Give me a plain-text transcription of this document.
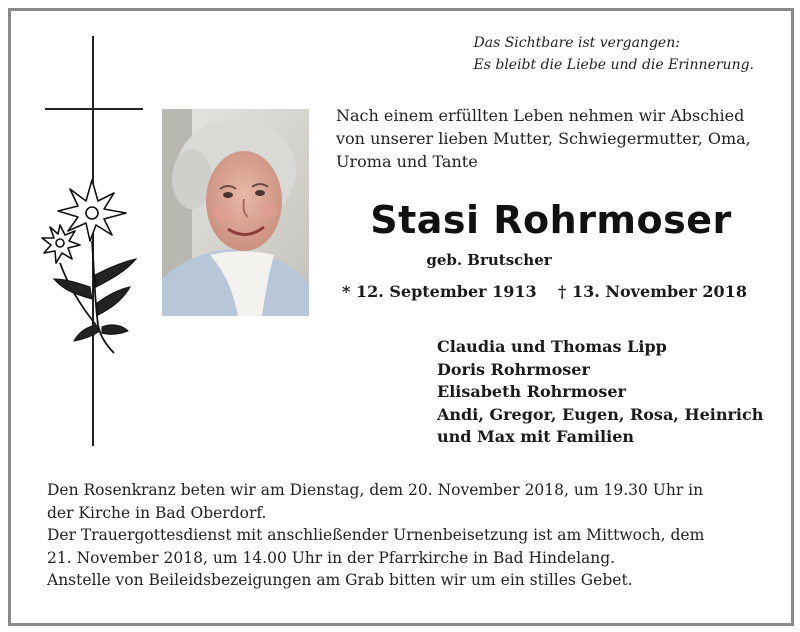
Das Sichtbare ist vergangen:
Es bleibt die Liebe und die Erinnerung.
Nach einem erfüllten Leben nehmen wir Abschied
von unserer lieben Mutter, Schwiegermutter, Oma,
Uroma und Tante
Stasi Rohrmoser
geb. Brutscher
* 12. September 1913 † 13. November 2018
Claudia und Thomas Lipp
Doris Rohrmoser
Elisabeth Rohrmoser
Andi, Gregor, Eugen, Rosa, Heinrich
und Max mit Familien

Den Rosenkranz beten wir am Dienstag, dem 20. November 2018, um 19.30 Uhr in
der Kirche in Bad Oberdorf.

Der Trauergottesdienst mit anschließender Urnenbeisetzung ist am Mittwoch, dem
21. November 2018, um 14.00 Uhr in der Pfarrkirche in Bad Hindelang.

Anstelle von Beileidsbezeigungen am Grab bitten wir um ein stilles Gebet.
